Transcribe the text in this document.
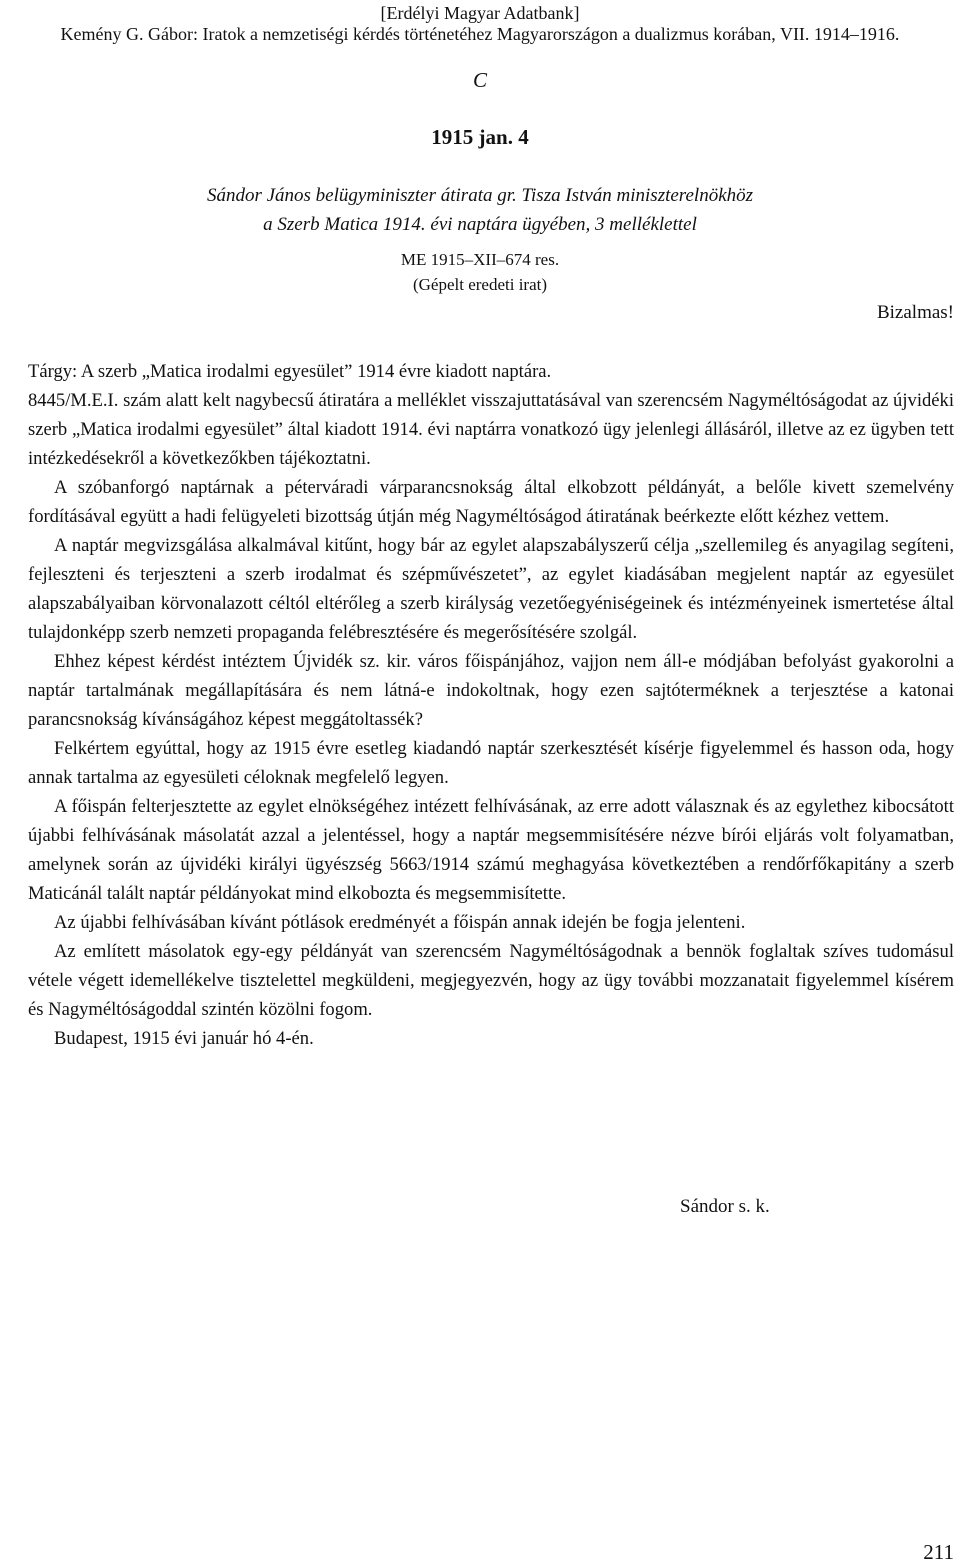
[Erdélyi Magyar Adatbank]
Kemény G. Gábor: Iratok a nemzetiségi kérdés történetéhez Magyarországon a dualizmus korában, VII. 1914–1916.
C
1915 jan. 4
Sándor János belügyminiszter átirata gr. Tisza István miniszterelnökhöz
a Szerb Matica 1914. évi naptára ügyében, 3 melléklettel
ME 1915–XII–674 res.
(Gépelt eredeti irat)
Bizalmas!

Tárgy: A szerb „Matica irodalmi egyesület” 1914 évre kiadott naptára.

8445/M.E.I. szám alatt kelt nagybecsű átiratára a melléklet visszajuttatásával van szerencsém Nagyméltóságodat az újvidéki szerb „Matica irodalmi egyesület” által kiadott 1914. évi naptárra vonatkozó ügy jelenlegi állásáról, illetve az ez ügyben tett intézkedésekről a következőkben tájékoztatni.

A szóbanforgó naptárnak a péterváradi várparancsnokság által elkobzott példányát, a belőle kivett szemelvény fordításával együtt a hadi felügyeleti bizottság útján még Nagyméltóságod átiratának beérkezte előtt kézhez vettem.

A naptár megvizsgálása alkalmával kitűnt, hogy bár az egylet alapszabályszerű célja „szellemileg és anyagilag segíteni, fejleszteni és terjeszteni a szerb irodalmat és szépművészetet”, az egylet kiadásában megjelent naptár az egyesület alapszabályaiban körvonalazott céltól eltérőleg a szerb királyság vezetőegyéniségeinek és intézményeinek ismertetése által tulajdonképp szerb nemzeti propaganda felébresztésére és megerősítésére szolgál.

Ehhez képest kérdést intéztem Újvidék sz. kir. város főispánjához, vajjon nem áll-e módjában befolyást gyakorolni a naptár tartalmának megállapítására és nem látná-e indokoltnak, hogy ezen sajtóterméknek a terjesztése a katonai parancsnokság kívánságához képest meggátoltassék?

Felkértem egyúttal, hogy az 1915 évre esetleg kiadandó naptár szerkesztését kísérje figyelemmel és hasson oda, hogy annak tartalma az egyesületi céloknak megfelelő legyen.

A főispán felterjesztette az egylet elnökségéhez intézett felhívásának, az erre adott válasznak és az egylethez kibocsátott újabbi felhívásának másolatát azzal a jelentéssel, hogy a naptár megsemmisítésére nézve bírói eljárás volt folyamatban, amelynek során az újvidéki királyi ügyészség 5663/1914 számú meghagyása következtében a rendőrfőkapitány a szerb Maticánál talált naptár példányokat mind elkobozta és megsemmisítette.

Az újabbi felhívásában kívánt pótlások eredményét a főispán annak idején be fogja jelenteni.

Az említett másolatok egy-egy példányát van szerencsém Nagyméltóságodnak a bennök foglaltak szíves tudomásul vétele végett idemellékelve tisztelettel megküldeni, megjegyezvén, hogy az ügy további mozzanatait figyelemmel kísérem és Nagyméltóságoddal szintén közölni fogom.

Budapest, 1915 évi január hó 4-én.

Sándor s. k.
211
